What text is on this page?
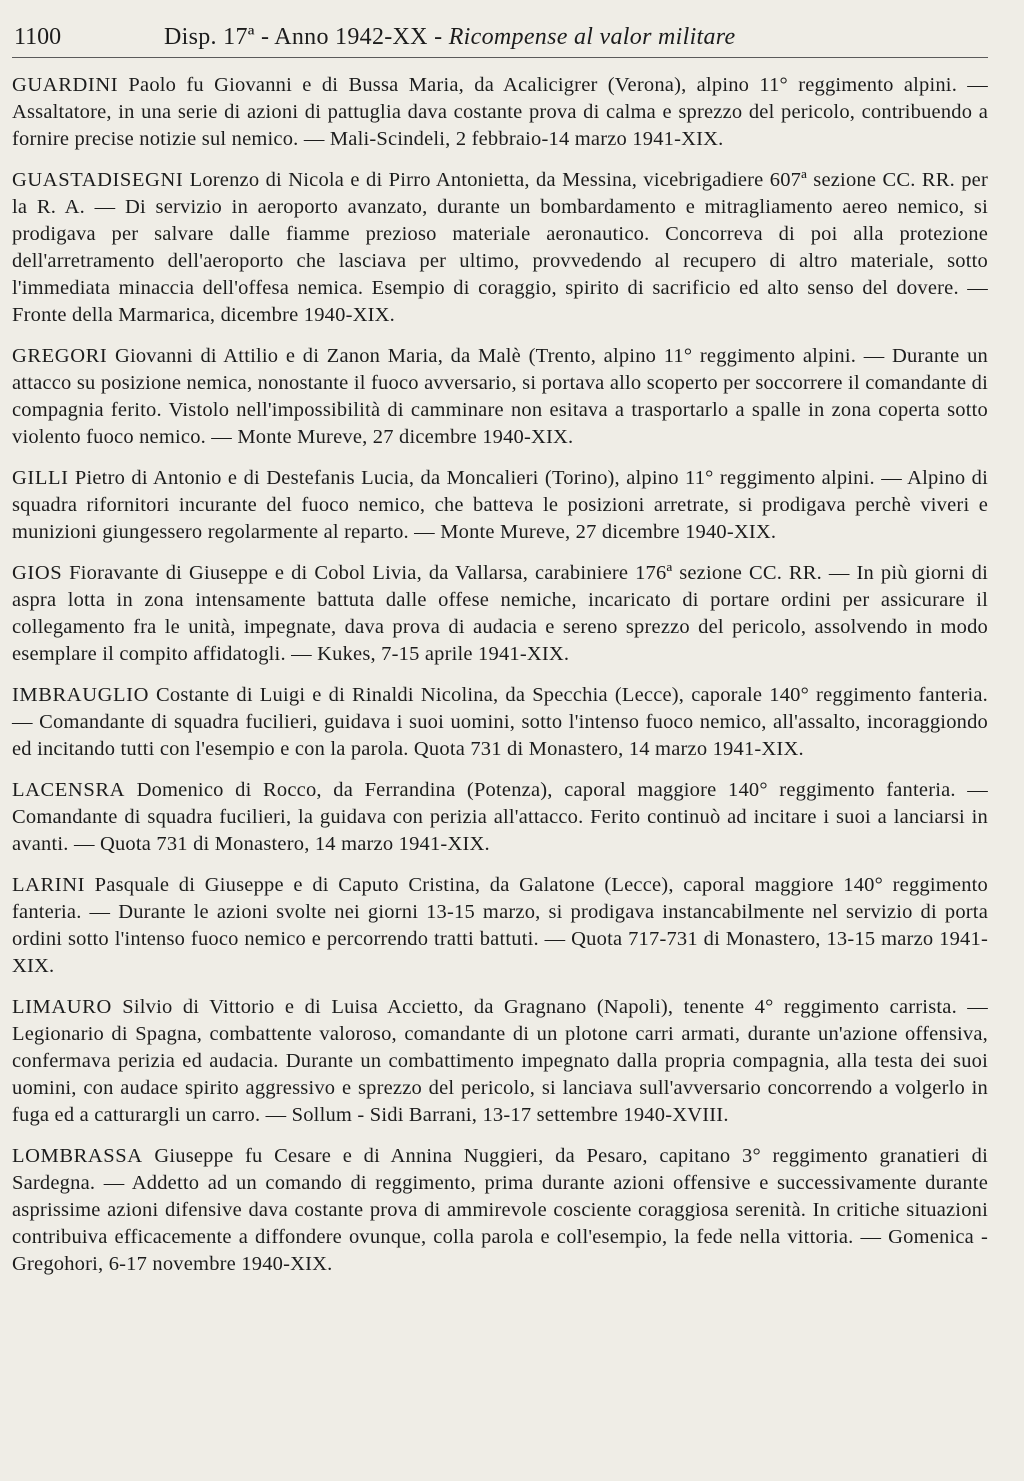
1100	Disp. 17ª - Anno 1942-XX - Ricompense al valor militare

GUARDINI Paolo fu Giovanni e di Bussa Maria, da Acalicigrer (Verona), alpino 11° reggimento alpini. — Assaltatore, in una serie di azioni di pattuglia dava costante prova di calma e sprezzo del pericolo, contribuendo a fornire precise notizie sul nemico. — Mali-Scindeli, 2 febbraio-14 marzo 1941-XIX.

GUASTADISEGNI Lorenzo di Nicola e di Pirro Antonietta, da Messina, vicebrigadiere 607ª sezione CC. RR. per la R. A. — Di servizio in aeroporto avanzato, durante un bombardamento e mitragliamento aereo nemico, si prodigava per salvare dalle fiamme prezioso materiale aeronautico. Concorreva di poi alla protezione dell'arretramento dell'aeroporto che lasciava per ultimo, provvedendo al recupero di altro materiale, sotto l'immediata minaccia dell'offesa nemica. Esempio di coraggio, spirito di sacrificio ed alto senso del dovere. — Fronte della Marmarica, dicembre 1940-XIX.

GREGORI Giovanni di Attilio e di Zanon Maria, da Malè (Trento, alpino 11° reggimento alpini. — Durante un attacco su posizione nemica, nonostante il fuoco avversario, si portava allo scoperto per soccorrere il comandante di compagnia ferito. Vistolo nell'impossibilità di camminare non esitava a trasportarlo a spalle in zona coperta sotto violento fuoco nemico. — Monte Mureve, 27 dicembre 1940-XIX.

GILLI Pietro di Antonio e di Destefanis Lucia, da Moncalieri (Torino), alpino 11° reggimento alpini. — Alpino di squadra rifornitori incurante del fuoco nemico, che batteva le posizioni arretrate, si prodigava perchè viveri e munizioni giungessero regolarmente al reparto. — Monte Mureve, 27 dicembre 1940-XIX.

GIOS Fioravante di Giuseppe e di Cobol Livia, da Vallarsa, carabiniere 176ª sezione CC. RR. — In più giorni di aspra lotta in zona intensamente battuta dalle offese nemiche, incaricato di portare ordini per assicurare il collegamento fra le unità, impegnate, dava prova di audacia e sereno sprezzo del pericolo, assolvendo in modo esemplare il compito affidatogli. — Kukes, 7-15 aprile 1941-XIX.

IMBRAUGLIO Costante di Luigi e di Rinaldi Nicolina, da Specchia (Lecce), caporale 140° reggimento fanteria. — Comandante di squadra fucilieri, guidava i suoi uomini, sotto l'intenso fuoco nemico, all'assalto, incoraggiondo ed incitando tutti con l'esempio e con la parola. Quota 731 di Monastero, 14 marzo 1941-XIX.

LACENSRA Domenico di Rocco, da Ferrandina (Potenza), caporal maggiore 140° reggimento fanteria. — Comandante di squadra fucilieri, la guidava con perizia all'attacco. Ferito continuò ad incitare i suoi a lanciarsi in avanti. — Quota 731 di Monastero, 14 marzo 1941-XIX.

LARINI Pasquale di Giuseppe e di Caputo Cristina, da Galatone (Lecce), caporal maggiore 140° reggimento fanteria. — Durante le azioni svolte nei giorni 13-15 marzo, si prodigava instancabilmente nel servizio di porta ordini sotto l'intenso fuoco nemico e percorrendo tratti battuti. — Quota 717-731 di Monastero, 13-15 marzo 1941-XIX.

LIMAURO Silvio di Vittorio e di Luisa Accietto, da Gragnano (Napoli), tenente 4° reggimento carrista. — Legionario di Spagna, combattente valoroso, comandante di un plotone carri armati, durante un'azione offensiva, confermava perizia ed audacia. Durante un combattimento impegnato dalla propria compagnia, alla testa dei suoi uomini, con audace spirito aggressivo e sprezzo del pericolo, si lanciava sull'avversario concorrendo a volgerlo in fuga ed a catturargli un carro. — Sollum - Sidi Barrani, 13-17 settembre 1940-XVIII.

LOMBRASSA Giuseppe fu Cesare e di Annina Nuggieri, da Pesaro, capitano 3° reggimento granatieri di Sardegna. — Addetto ad un comando di reggimento, prima durante azioni offensive e successivamente durante asprissime azioni difensive dava costante prova di ammirevole cosciente coraggiosa serenità. In critiche situazioni contribuiva efficacemente a diffondere ovunque, colla parola e coll'esempio, la fede nella vittoria. — Gomenica - Gregohori, 6-17 novembre 1940-XIX.
